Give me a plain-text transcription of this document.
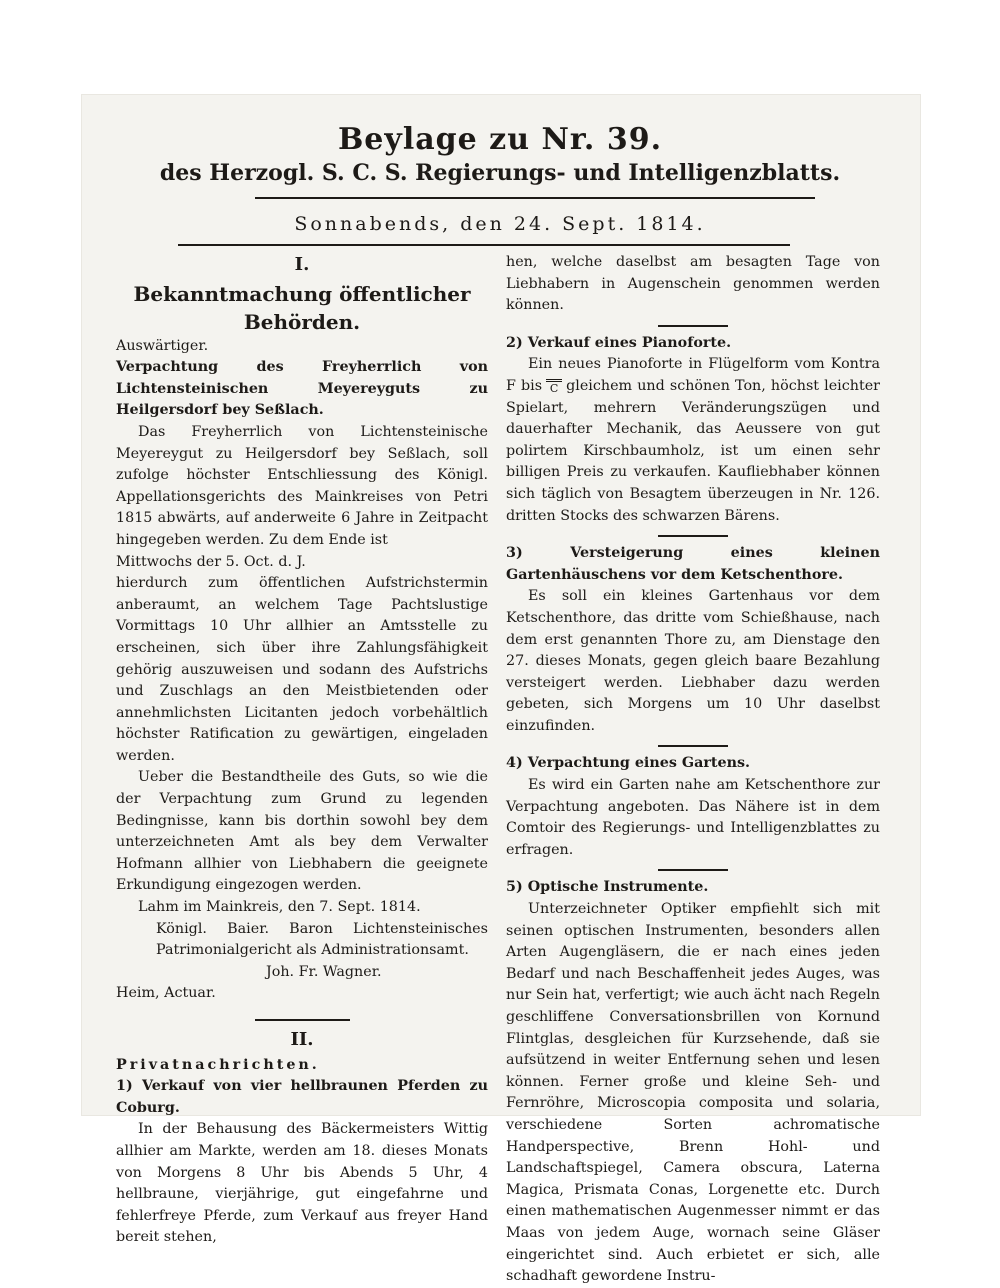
Beylage zu Nr. 39.
des Herzogl. S. C. S. Regierungs- und Intelligenzblatts.
Sonnabends, den 24. Sept. 1814.
I.
Bekanntmachung öffentlicher Behörden.

Auswärtiger.

Verpachtung des Freyherrlich von Lichtensteinischen Meyereyguts zu Heilgersdorf bey Seßlach.

Das Freyherrlich von Lichtensteinische Meyereygut zu Heilgersdorf bey Seßlach, soll zufolge höchster Entschliessung des Königl. Appellationsgerichts des Mainkreises von Petri 1815 abwärts, auf anderweite 6 Jahre in Zeitpacht hingegeben werden. Zu dem Ende ist

Mittwochs der 5. Oct. d. J.

hierdurch zum öffentlichen Aufstrichstermin anberaumt, an welchem Tage Pachtslustige Vormittags 10 Uhr allhier an Amtsstelle zu erscheinen, sich über ihre Zahlungsfähigkeit gehörig auszuweisen und sodann des Aufstrichs und Zuschlags an den Meistbietenden oder annehmlichsten Licitanten jedoch vorbehältlich höchster Ratification zu gewärtigen, eingeladen werden.

Ueber die Bestandtheile des Guts, so wie die der Verpachtung zum Grund zu legenden Bedingnisse, kann bis dorthin sowohl bey dem unterzeichneten Amt als bey dem Verwalter Hofmann allhier von Liebhabern die geeignete Erkundigung eingezogen werden.

Lahm im Mainkreis, den 7. Sept. 1814.

Königl. Baier. Baron Lichtensteinisches Patrimonialgericht als Administrationsamt.

Joh. Fr. Wagner.

Heim, Actuar.

II.

Privatnachrichten.

1) Verkauf von vier hellbraunen Pferden zu Coburg.

In der Behausung des Bäckermeisters Wittig allhier am Markte, werden am 18. dieses Monats von Morgens 8 Uhr bis Abends 5 Uhr, 4 hellbraune, vierjährige, gut eingefahrne und fehlerfreye Pferde, zum Verkauf aus freyer Hand bereit stehen,

hen, welche daselbst am besagten Tage von Liebhabern in Augenschein genommen werden können.

2) Verkauf eines Pianoforte.

Ein neues Pianoforte in Flügelform vom Kontra F bis C gleichem und schönen Ton, höchst leichter Spielart, mehrern Veränderungszügen und dauerhafter Mechanik, das Aeussere von gut polirtem Kirschbaumholz, ist um einen sehr billigen Preis zu verkaufen. Kaufliebhaber können sich täglich von Besagtem überzeugen in Nr. 126. dritten Stocks des schwarzen Bärens.

3) Versteigerung eines kleinen Gartenhäuschens vor dem Ketschenthore.

Es soll ein kleines Gartenhaus vor dem Ketschenthore, das dritte vom Schießhause, nach dem erst genannten Thore zu, am Dienstage den 27. dieses Monats, gegen gleich baare Bezahlung versteigert werden. Liebhaber dazu werden gebeten, sich Morgens um 10 Uhr daselbst einzufinden.

4) Verpachtung eines Gartens.

Es wird ein Garten nahe am Ketschenthore zur Verpachtung angeboten. Das Nähere ist in dem Comtoir des Regierungs- und Intelligenzblattes zu erfragen.

5) Optische Instrumente.

Unterzeichneter Optiker empfiehlt sich mit seinen optischen Instrumenten, besonders allen Arten Augengläsern, die er nach eines jeden Bedarf und nach Beschaffenheit jedes Auges, was nur Sein hat, verfertigt; wie auch ächt nach Regeln geschliffene Conversationsbrillen von Kornund Flintglas, desgleichen für Kurzsehende, daß sie aufsützend in weiter Entfernung sehen und lesen können. Ferner große und kleine Seh- und Fernröhre, Microscopia composita und solaria, verschiedene Sorten achromatische Handperspective, Brenn Hohl- und Landschaftspiegel, Camera obscura, Laterna Magica, Prismata Conas, Lorgenette etc. Durch einen mathematischen Augenmesser nimmt er das Maas von jedem Auge, wornach seine Gläser eingerichtet sind. Auch erbietet er sich, alle schadhaft gewordene Instru-
